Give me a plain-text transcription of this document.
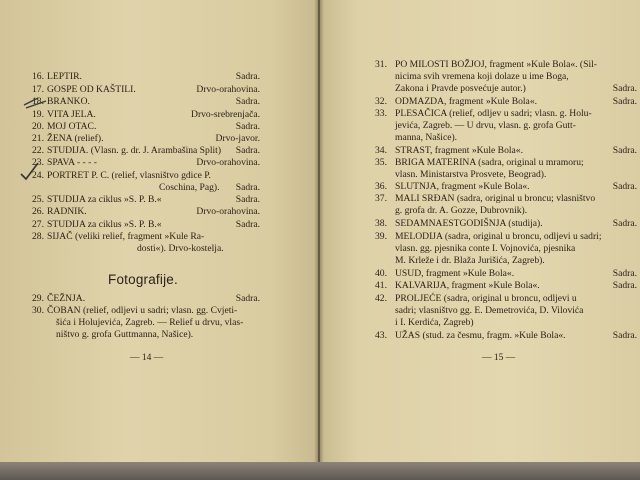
16. LEPTIR.	Sadra.
17. GOSPE OD KAŠTILI.	Drvo-orahovina.
18. BRANKO.	Sadra.
19. VITA JELA.	Drvo-srebrenjača.
20. MOJ OTAC.	Sadra.
21. ŽENA (relief).	Drvo-javor.
22. STUDIJA. (Vlasn. g. dr. J. Arambašina Split) Sadra.
23. SPAVA - - - -	Drvo-orahovina.
24. PORTRET P. C. (relief, vlasništvo gdice P.
Coschina, Pag). Sadra.
25. STUDIJA za ciklus »S. P. B.«	Sadra.
26. RADNIK.	Drvo-orahovina.
27. STUDIJA za ciklus »S. P. B.«	Sadra.
28. SIJAČ (veliki relief, fragment »Kule Ra-
dosti«). Drvo-kostelja.
Fotografije.
29. ČEŽNJA.	Sadra.
30. ČOBAN (relief, odljevi u sadri; vlasn. gg. Cvjeti-
šića i Holujevića, Zagreb. — Relief u drvu, vlas-
ništvo g. grofa Guttmanna, Našice).
— 14 —
31. PO MILOSTI BOŽJOJ, fragment »Kule Bola«. (Sil-
nicima svih vremena koji dolaze u ime Boga,
Zakona i Pravde posvećuje autor.)	Sadra.
32. ODMAZDA, fragment »Kule Bola«.	Sadra.
33. PLESAČICA (relief, odljev u sadri; vlasn. g. Holu-
jevića, Zagreb. — U drvu, vlasn. g. grofa Gutt-
manna, Našice).
34. STRAST, fragment »Kule Bola«.	Sadra.
35. BRIGA MATERINA (sadra, original u mramoru;
vlasn. Ministarstva Prosvete, Beograd).
36. SLUTNJA, fragment »Kule Bola«.	Sadra.
37. MALI SRĐAN (sadra, original u broncu; vlasništvo
g. grofa dr. A. Gozze, Dubrovnik).
38. SEDAMNAESTGODIŠNJA (studija).	Sadra.
39. MELODIJA (sadra, original u broncu, odljevi u sadri;
vlasn. gg. pjesnika conte I. Vojnovića, pjesnika
M. Krleže i dr. Blaža Jurišića, Zagreb).
40. USUD, fragment »Kule Bola«.	Sadra.
41. KALVARIJA, fragment »Kule Bola«.	Sadra.
42. PROLJEĆE (sadra, original u broncu, odljevi u
sadri; vlasništvo gg. E. Demetrovića, D. Vilovića
i I. Kerdića, Zagreb)
43. UŽAS (stud. za česmu, fragm. »Kule Bola«.	Sadra.
— 15 —
